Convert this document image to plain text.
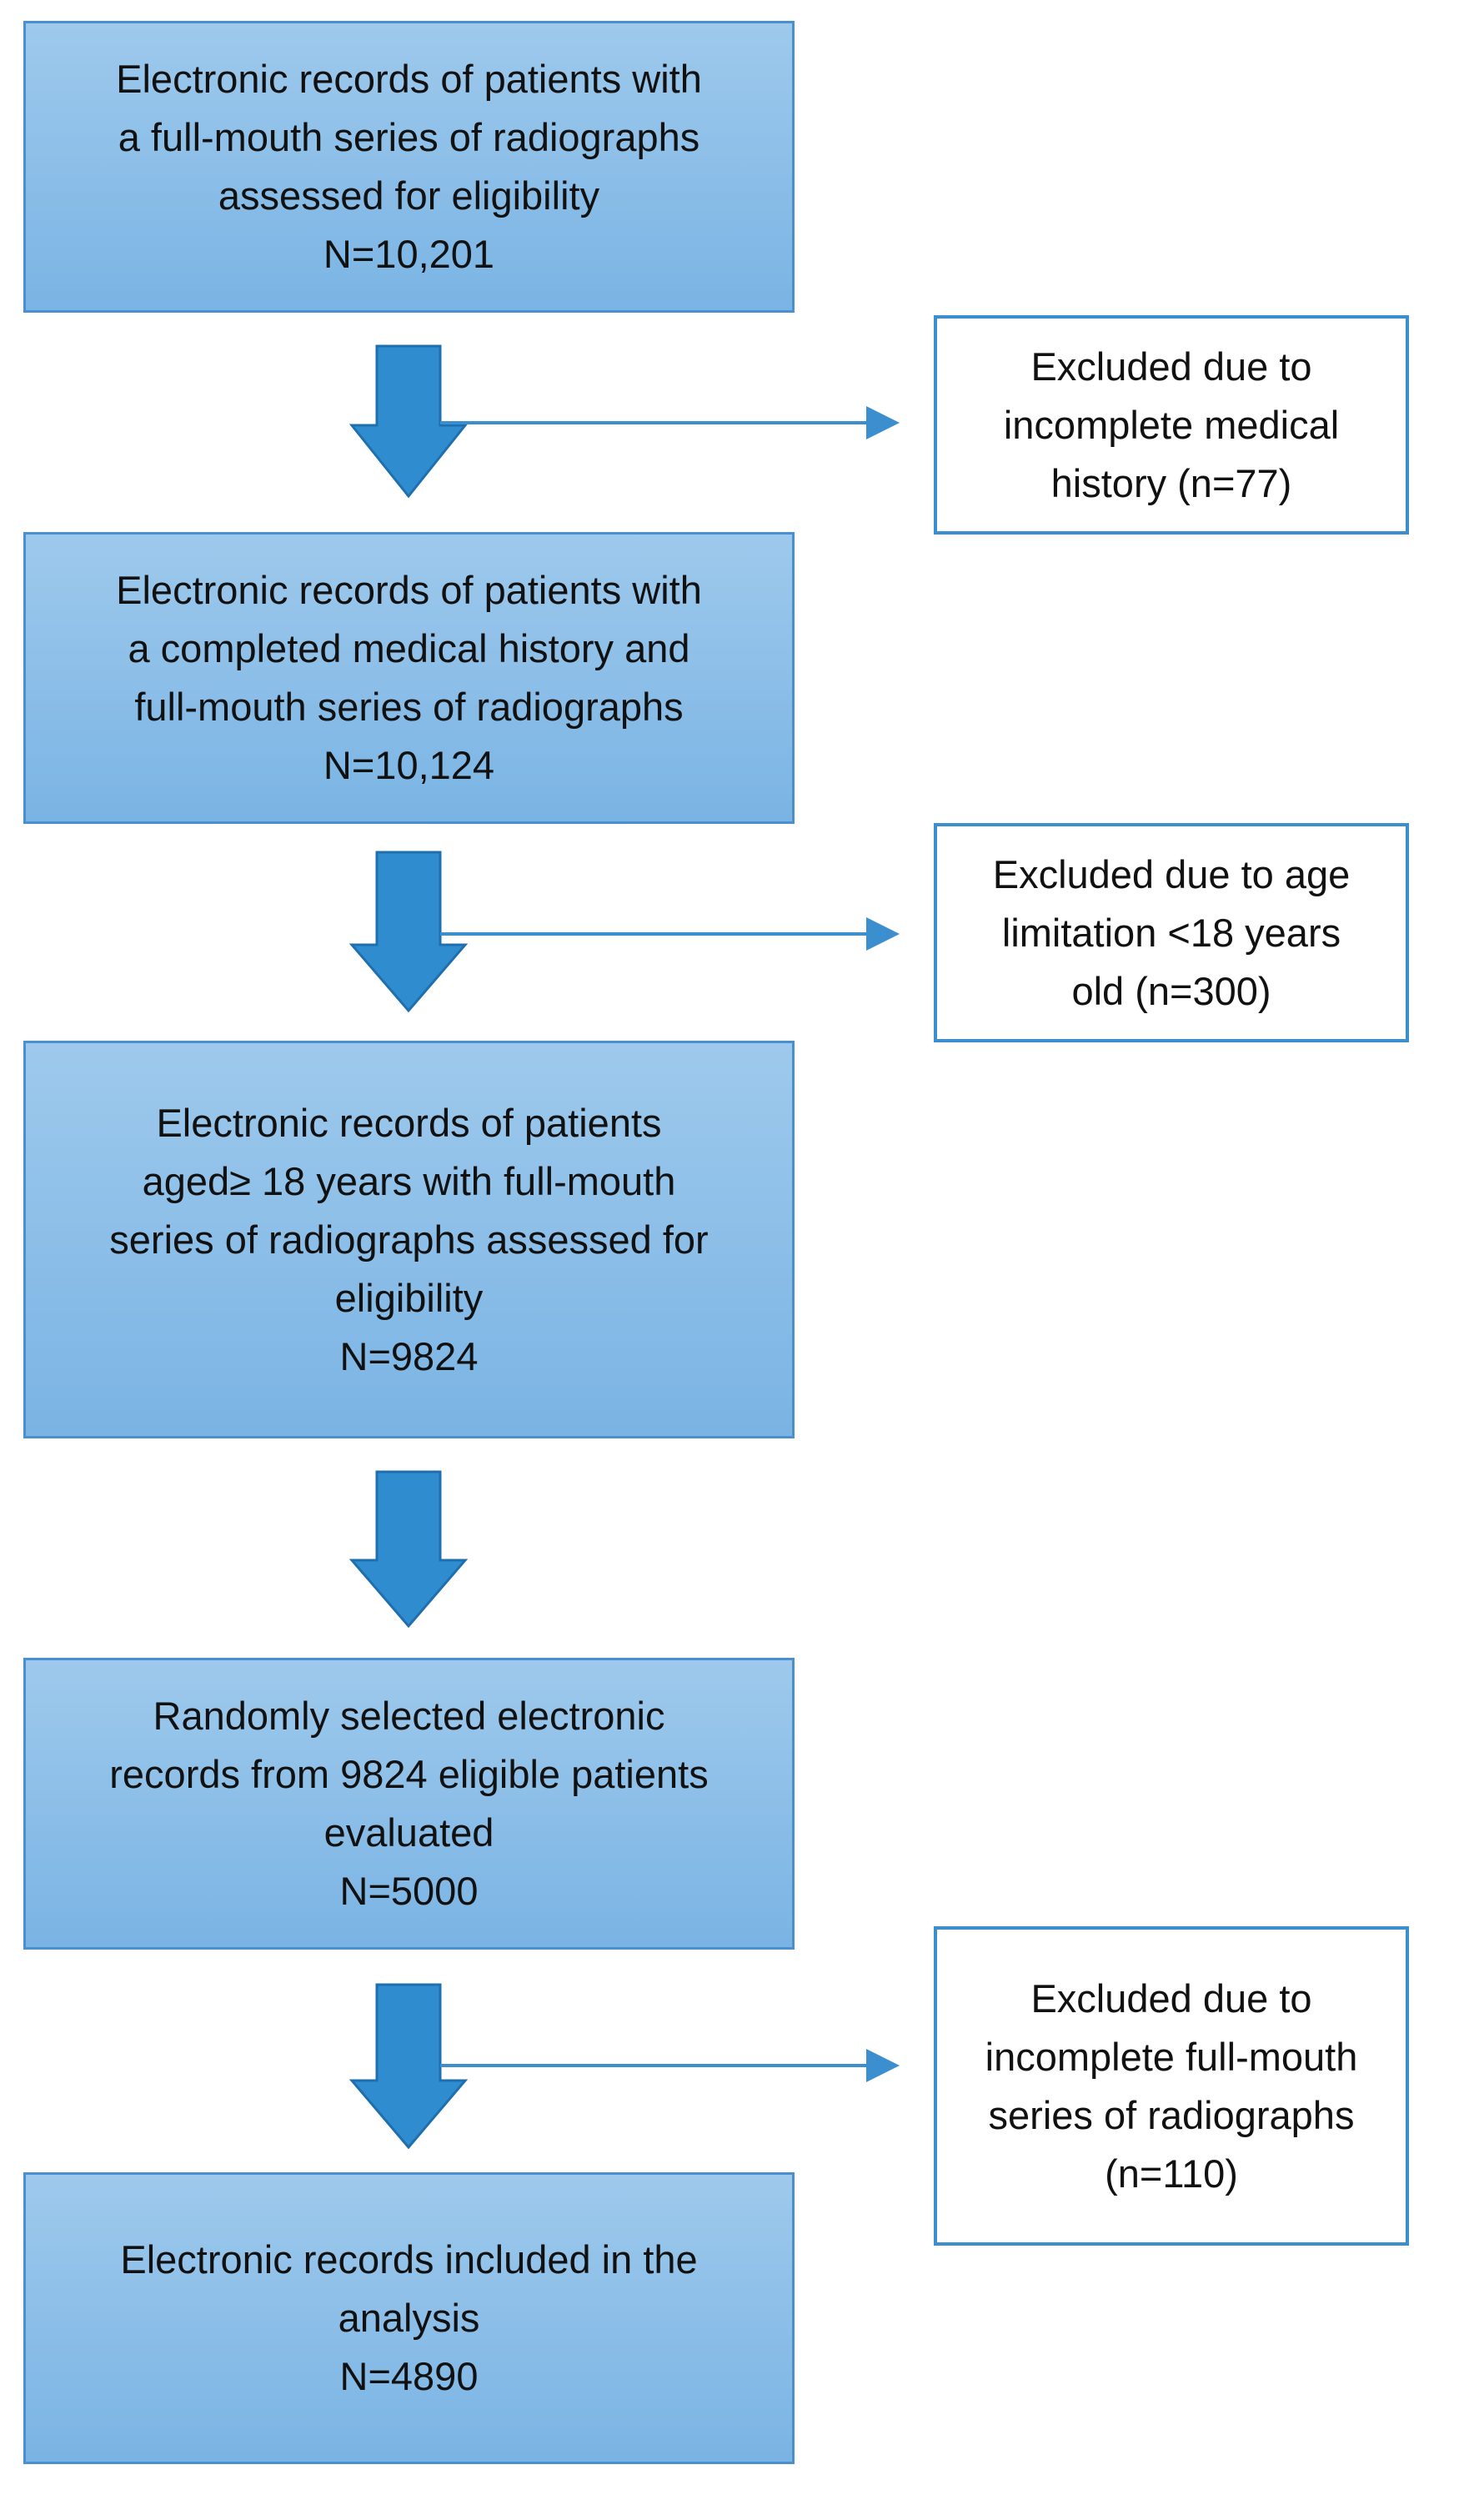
Electronic records of patients with
a full-mouth series of radiographs
assessed for eligibility
N=10,201
Excluded due to
incomplete medical
history (n=77)
Electronic records of patients with
a completed medical history and
full-mouth series of radiographs
N=10,124
Excluded due to age
limitation <18 years
old (n=300)
Electronic records of patients
aged≥ 18 years with full-mouth
series of radiographs assessed for
eligibility
N=9824
Randomly selected electronic
records from 9824 eligible patients
evaluated
N=5000
Excluded due to
incomplete full-mouth
series of radiographs
(n=110)
Electronic records included in the
analysis
N=4890
